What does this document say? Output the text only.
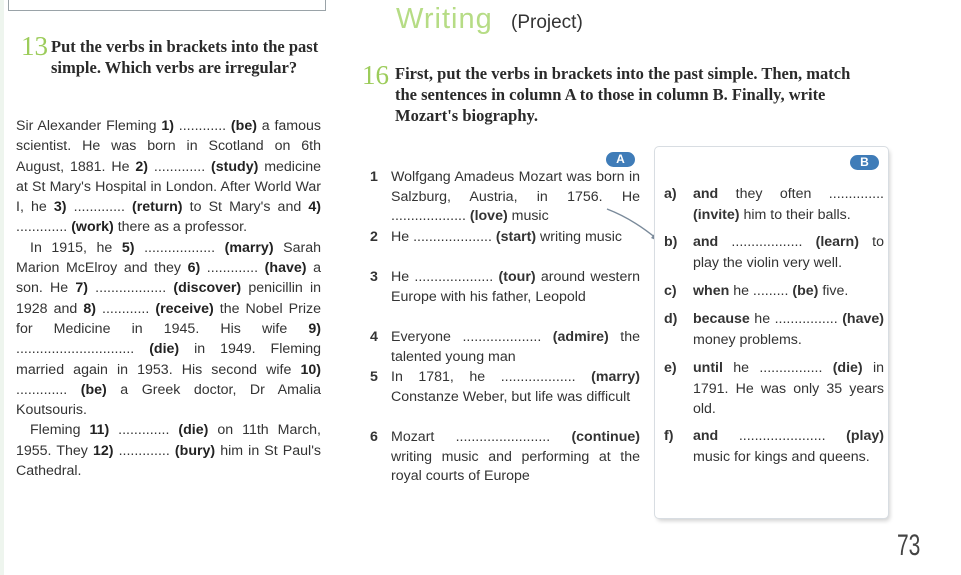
13 Put the verbs in brackets into the past simple. Which verbs are irregular?

Sir Alexander Fleming 1) ............ (be) a famous scientist. He was born in Scotland on 6th August, 1881. He 2) ............. (study) medicine at St Mary's Hospital in London. After World War I, he 3) ............. (return) to St Mary's and 4) ............. (work) there as a professor.

In 1915, he 5) .................. (marry) Sarah Marion McElroy and they 6) ............. (have) a son. He 7) .................. (discover) penicillin in 1928 and 8) ............ (receive) the Nobel Prize for Medicine in 1945. His wife 9) .............................. (die) in 1949. Fleming married again in 1953. His second wife 10) ............. (be) a Greek doctor, Dr Amalia Koutsouris.

Fleming 11) ............. (die) on 11th March, 1955. They 12) ............. (bury) him in St Paul's Cathedral.

Writing (Project)
16 First, put the verbs in brackets into the past simple. Then, match the sentences in column A to those in column B. Finally, write Mozart's biography.
A
1 Wolfgang Amadeus Mozart was born in Salzburg, Austria, in 1756. He ................... (love) music
2 He .................... (start) writing music
3 He .................... (tour) around western Europe with his father, Leopold
4 Everyone .................... (admire) the talented young man
5 In 1781, he ................... (marry) Constanze Weber, but life was difficult
6 Mozart ........................ (continue) writing music and performing at the royal courts of Europe
B
a) and they often .............. (invite) him to their balls.
b) and .................. (learn) to play the violin very well.
c) when he ......... (be) five.
d) because he ................ (have) money problems.
e) until he ................ (die) in 1791. He was only 35 years old.
f) and ...................... (play) music for kings and queens.
73
